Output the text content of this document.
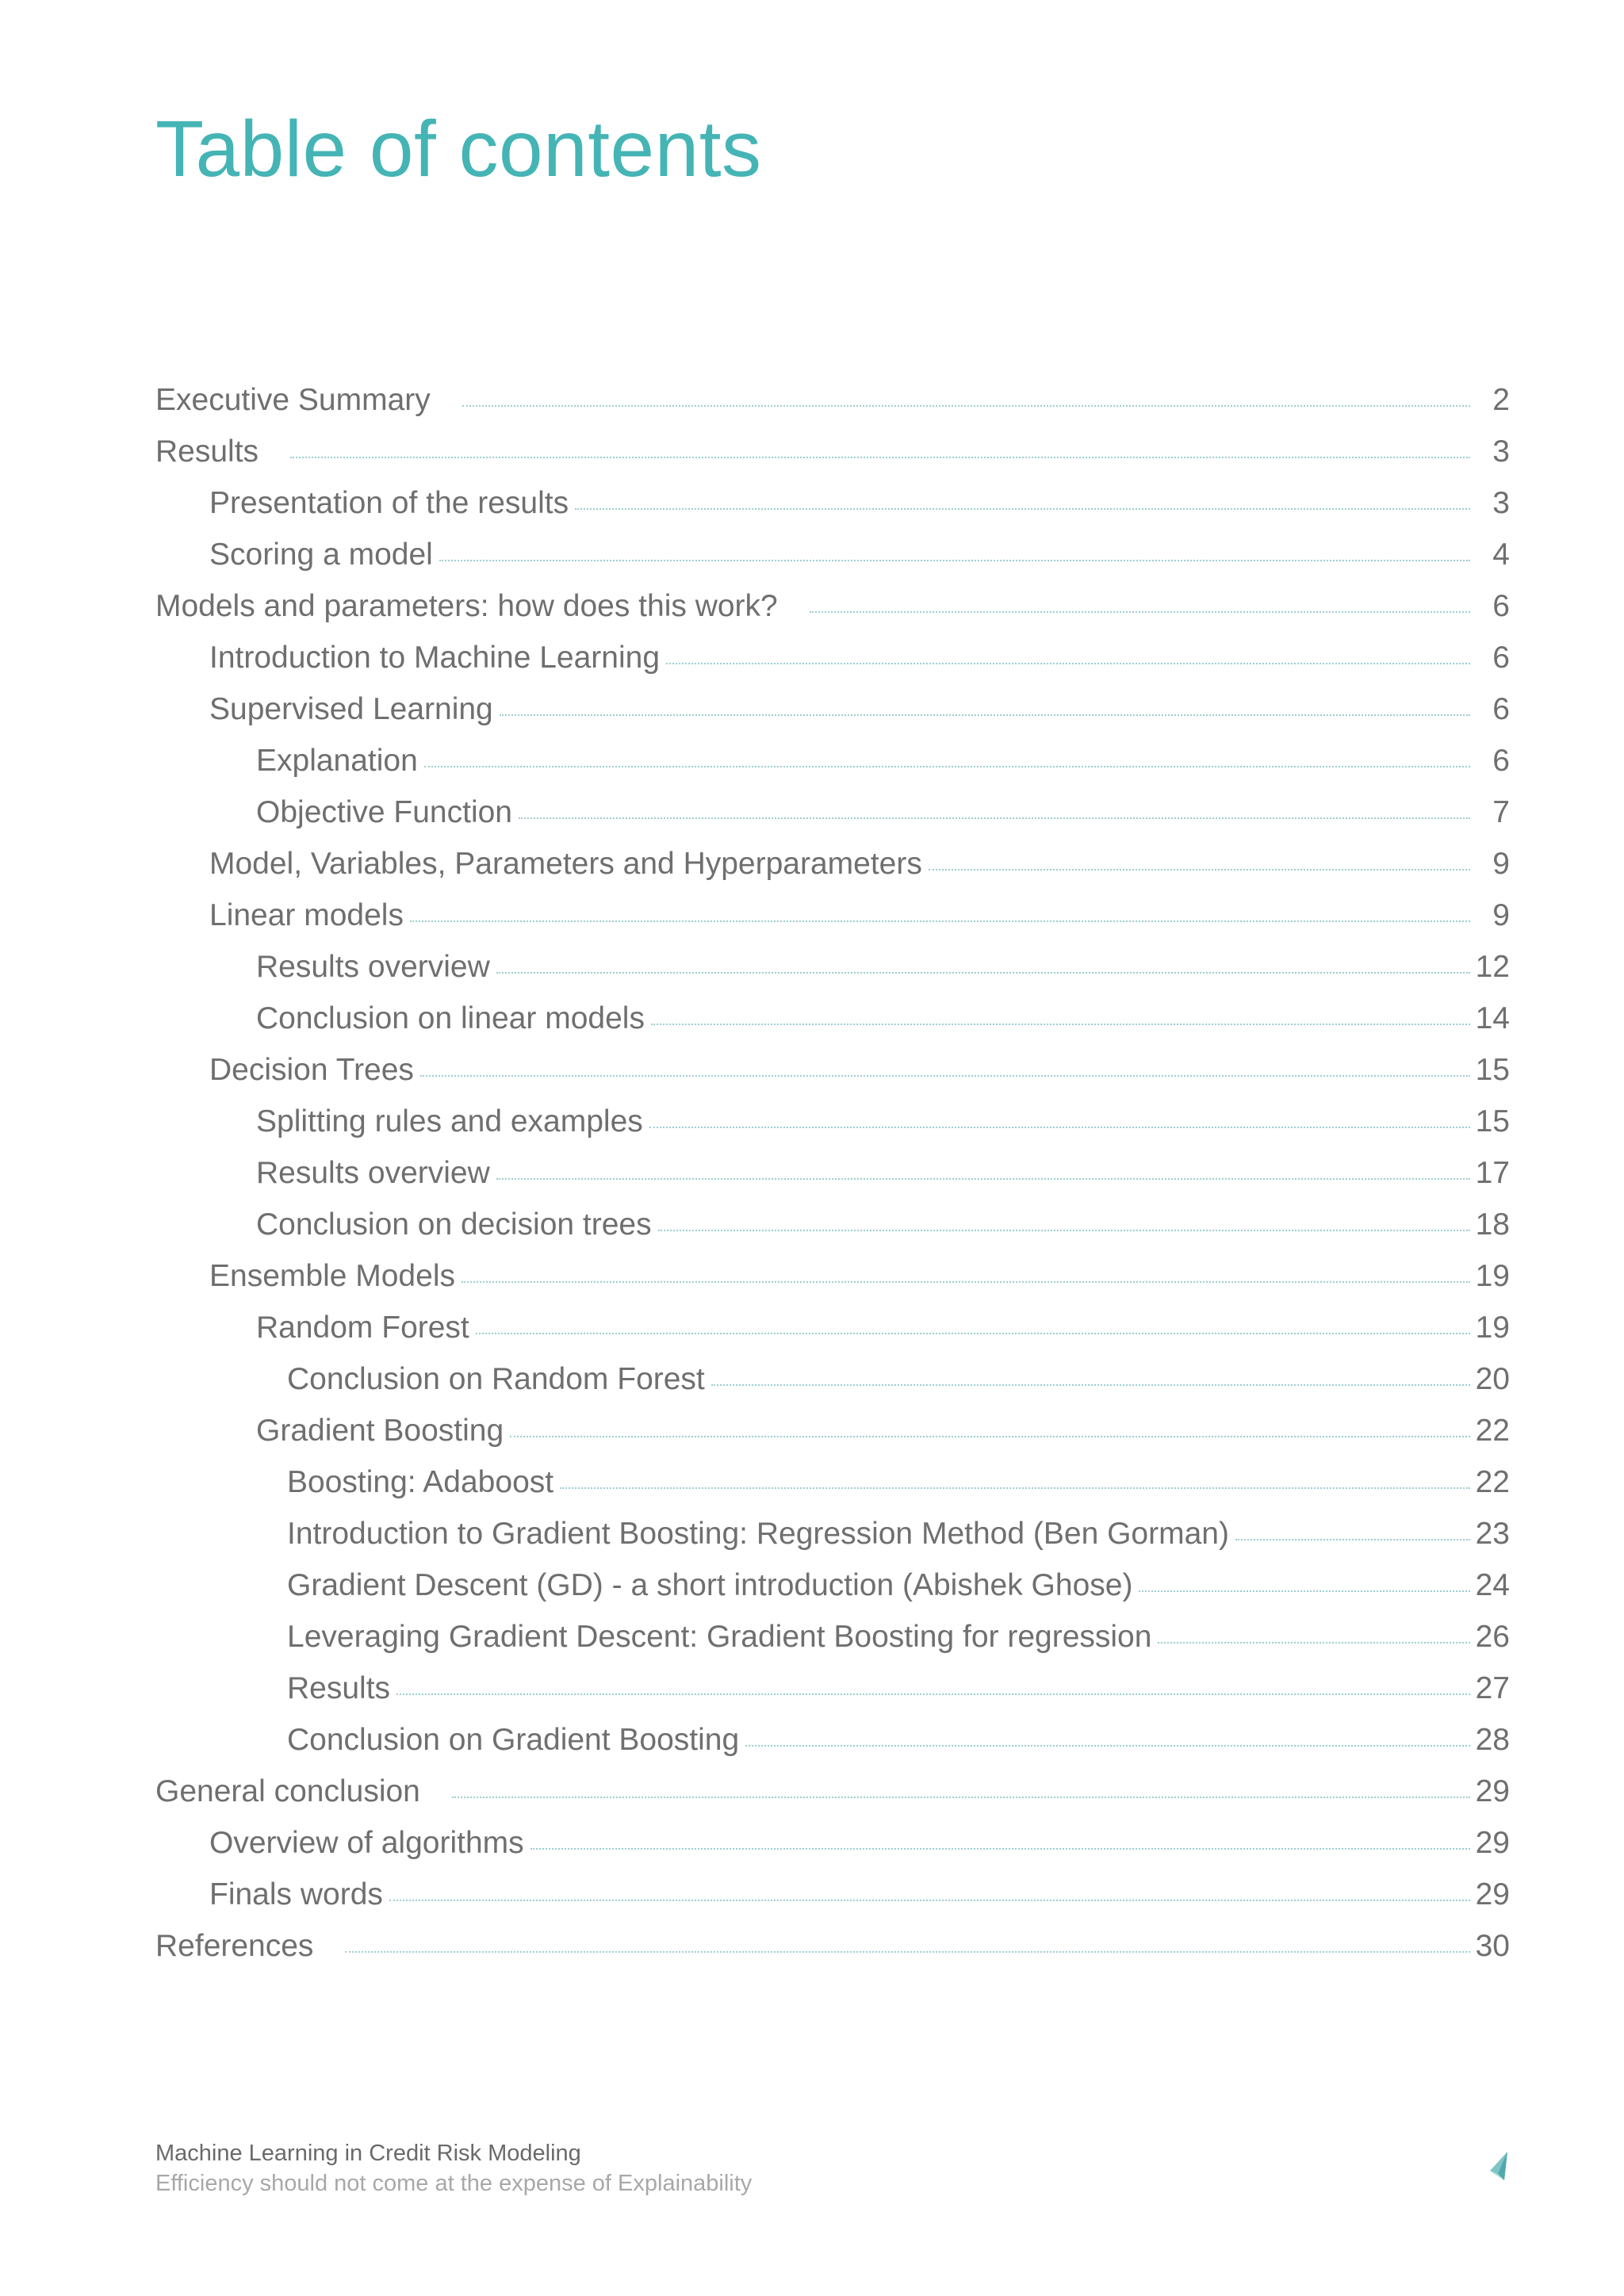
Table of contents
Executive Summary	2
Results	3
Presentation of the results	3
Scoring a model	4
Models and parameters: how does this work?	6
Introduction to Machine Learning	6
Supervised Learning	6
Explanation	6
Objective Function	7
Model, Variables, Parameters and Hyperparameters	9
Linear models	9
Results overview	12
Conclusion on linear models	14
Decision Trees	15
Splitting rules and examples	15
Results overview	17
Conclusion on decision trees	18
Ensemble Models	19
Random Forest	19
Conclusion on Random Forest	20
Gradient Boosting	22
Boosting: Adaboost	22
Introduction to Gradient Boosting: Regression Method (Ben Gorman)	23
Gradient Descent (GD) - a short introduction (Abishek Ghose)	24
Leveraging Gradient Descent: Gradient Boosting for regression	26
Results	27
Conclusion on Gradient Boosting	28
General conclusion	29
Overview of algorithms	29
Finals words	29
References	30
Machine Learning in Credit Risk Modeling
Efficiency should not come at the expense of Explainability
